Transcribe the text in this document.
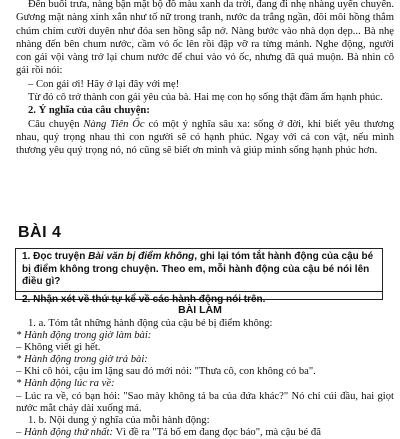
Đến buổi trưa, nàng bận mặt bộ đồ màu xanh da trời, đang đi nhẹ nhàng uyển chuyển. Gương mặt nàng xinh xắn như tố nữ trong tranh, nước da trắng ngần, đôi môi hồng thắm chúm chím cười duyên như đóa sen hồng sắp nở. Nàng bước vào nhà dọn dẹp... Bà nhẹ nhàng đến bên chum nước, cầm vỏ ốc lên rồi đập vỡ ra từng mảnh. Nghe động, người con gái vội vàng trở lại chum nước để chui vào vỏ ốc, nhưng đã quá muộn. Bà nhìn cô gái rồi nói:

– Con gái ơi! Hãy ở lại đây với mẹ!

Từ đó cô trở thành con gái yêu của bà. Hai mẹ con họ sống thật đầm ấm hạnh phúc.

2. Ý nghĩa của câu chuyện:

Câu chuyện Nàng Tiên Ốc có một ý nghĩa sâu xa: sống ở đời, khi biết yêu thương nhau, quý trọng nhau thì con người sẽ có hạnh phúc. Ngay với cả con vật, nếu mình thương yêu quý trọng nó, nó cũng sẽ biết ơn mình và giúp mình sống hạnh phúc hơn.

BÀI 4

1. Đọc truyện Bài văn bị điểm không, ghi lại tóm tắt hành động của cậu bé bị điểm không trong chuyện. Theo em, mỗi hành động của cậu bé nói lên điều gì?

2. Nhận xét về thứ tự kể về các hành động nói trên.

BÀI LÀM

1. a. Tóm tắt những hành động của cậu bé bị điểm không:

* Hành động trong giờ làm bài:

– Không viết gì hết.

* Hành động trong giờ trả bài:

– Khi cô hỏi, cậu im lặng sau đó mới nói: "Thưa cô, con không có ba".

* Hành động lúc ra về:

– Lúc ra về, có bạn hỏi: "Sao mày không tả ba của đứa khác?" Nó chỉ cúi đầu, hai giọt nước mắt chảy dài xuống má.

1. b. Nội dung ý nghĩa của mỗi hành động:

– Hành động thứ nhất: Vì đề ra "Tả bố em đang đọc báo", mà cậu bé đã
